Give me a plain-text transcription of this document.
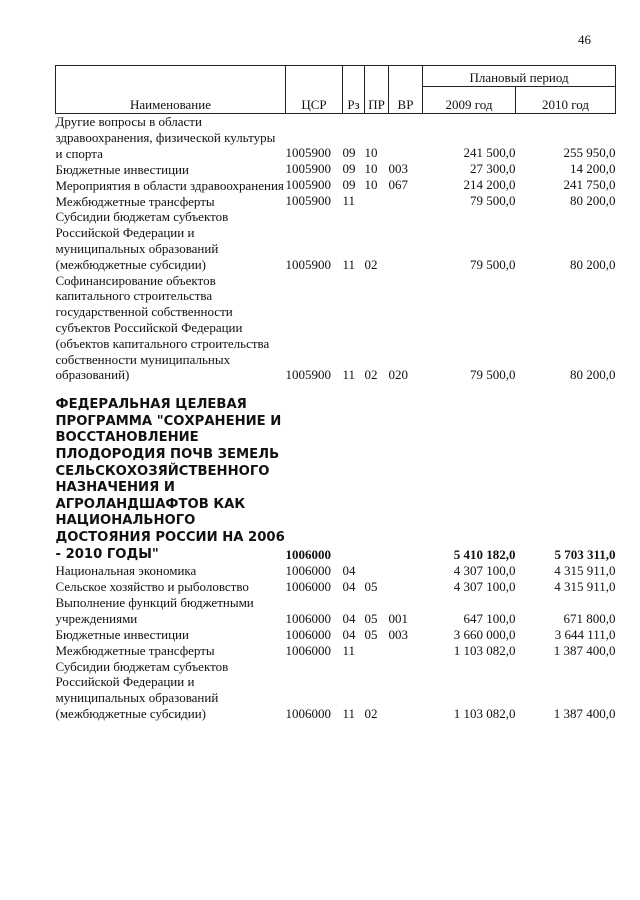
46
Наименование	ЦСР	Рз	ПР	ВР	Плановый период	
					2009 год	2010 год
Другие вопросы в области здравоохранения, физической культуры и спорта	1005900	09	10		241 500,0	255 950,0
Бюджетные инвестиции	1005900	09	10	003	27 300,0	14 200,0
Мероприятия в области здравоохранения	1005900	09	10	067	214 200,0	241 750,0
Межбюджетные трансферты	1005900	11			79 500,0	80 200,0
Субсидии бюджетам субъектов Российской Федерации и муниципальных образований (межбюджетные субсидии)	1005900	11	02		79 500,0	80 200,0
Софинансирование объектов капитального строительства государственной собственности субъектов Российской Федерации (объектов капитального строительства собственности муниципальных образований)	1005900	11	02	020	79 500,0	80 200,0
ФЕДЕРАЛЬНАЯ ЦЕЛЕВАЯ ПРОГРАММА "СОХРАНЕНИЕ И ВОССТАНОВЛЕНИЕ ПЛОДОРОДИЯ ПОЧВ ЗЕМЕЛЬ СЕЛЬСКОХОЗЯЙСТВЕННОГО НАЗНАЧЕНИЯ И АГРОЛАНДШАФТОВ КАК НАЦИОНАЛЬНОГО ДОСТОЯНИЯ РОССИИ НА 2006 - 2010 ГОДЫ"	1006000				5 410 182,0	5 703 311,0
Национальная экономика	1006000	04			4 307 100,0	4 315 911,0
Сельское хозяйство и рыболовство	1006000	04	05		4 307 100,0	4 315 911,0
Выполнение функций бюджетными учреждениями	1006000	04	05	001	647 100,0	671 800,0
Бюджетные инвестиции	1006000	04	05	003	3 660 000,0	3 644 111,0
Межбюджетные трансферты	1006000	11			1 103 082,0	1 387 400,0
Субсидии бюджетам субъектов Российской Федерации и муниципальных образований (межбюджетные субсидии)	1006000	11	02		1 103 082,0	1 387 400,0
